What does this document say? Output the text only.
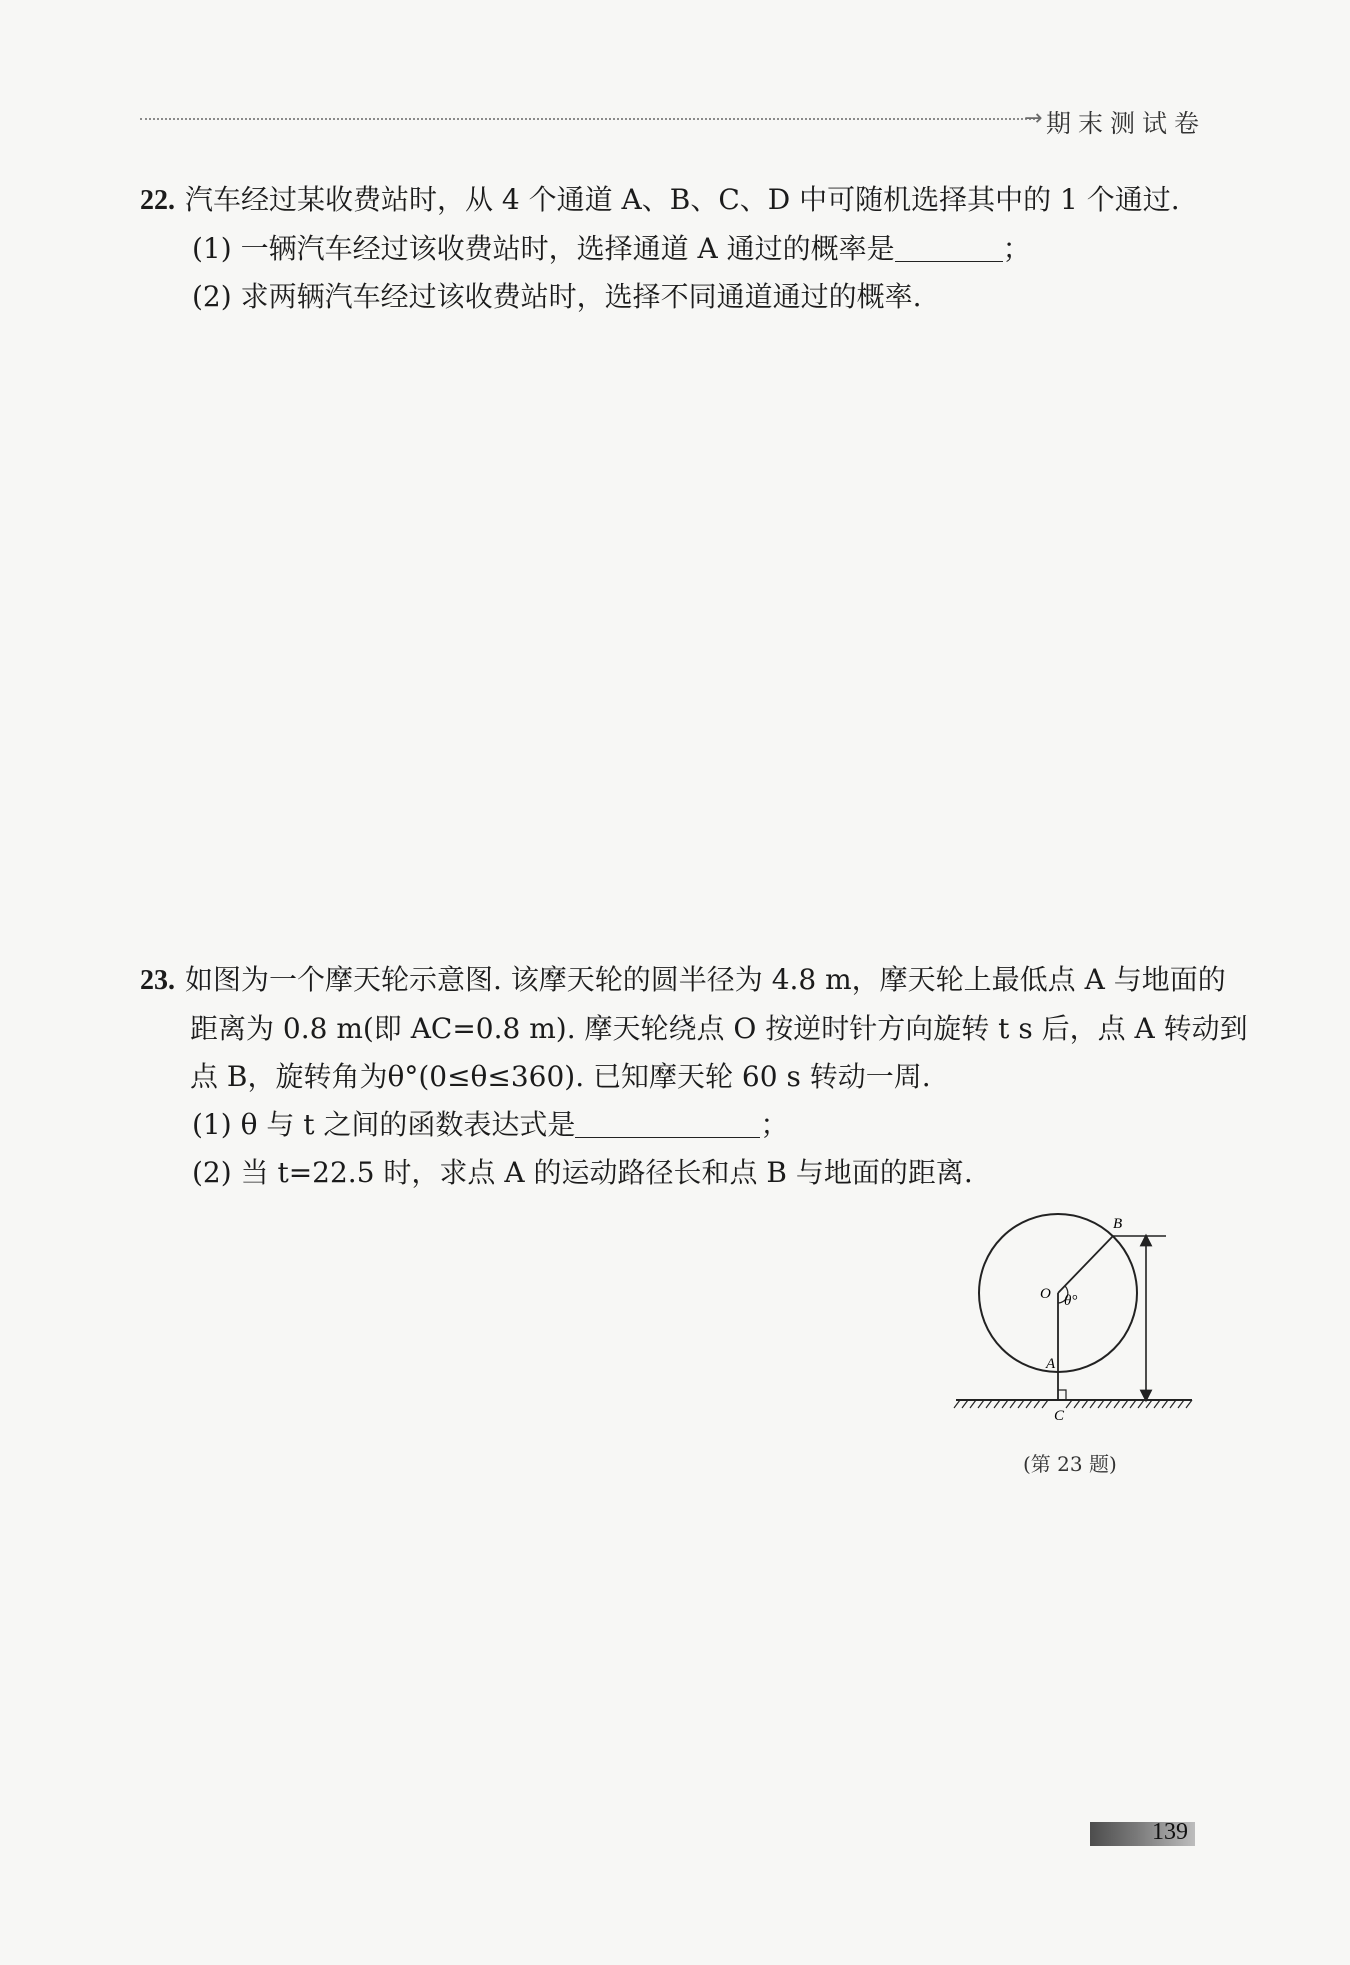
→ 期末测试卷
22. 汽车经过某收费站时，从 4 个通道 A、B、C、D 中可随机选择其中的 1 个通过.
(1) 一辆汽车经过该收费站时，选择通道 A 通过的概率是	；
(2) 求两辆汽车经过该收费站时，选择不同通道通过的概率.
23. 如图为一个摩天轮示意图. 该摩天轮的圆半径为 4.8 m，摩天轮上最低点 A 与地面的
距离为 0.8 m(即 AC=0.8 m). 摩天轮绕点 O 按逆时针方向旋转 t s 后，点 A 转动到
点 B，旋转角为θ°(0≤θ≤360). 已知摩天轮 60 s 转动一周.
(1) θ 与 t 之间的函数表达式是	；
(2) 当 t=22.5 时，求点 A 的运动路径长和点 B 与地面的距离.
B
O θ°
A
C
(第 23 题)
139
